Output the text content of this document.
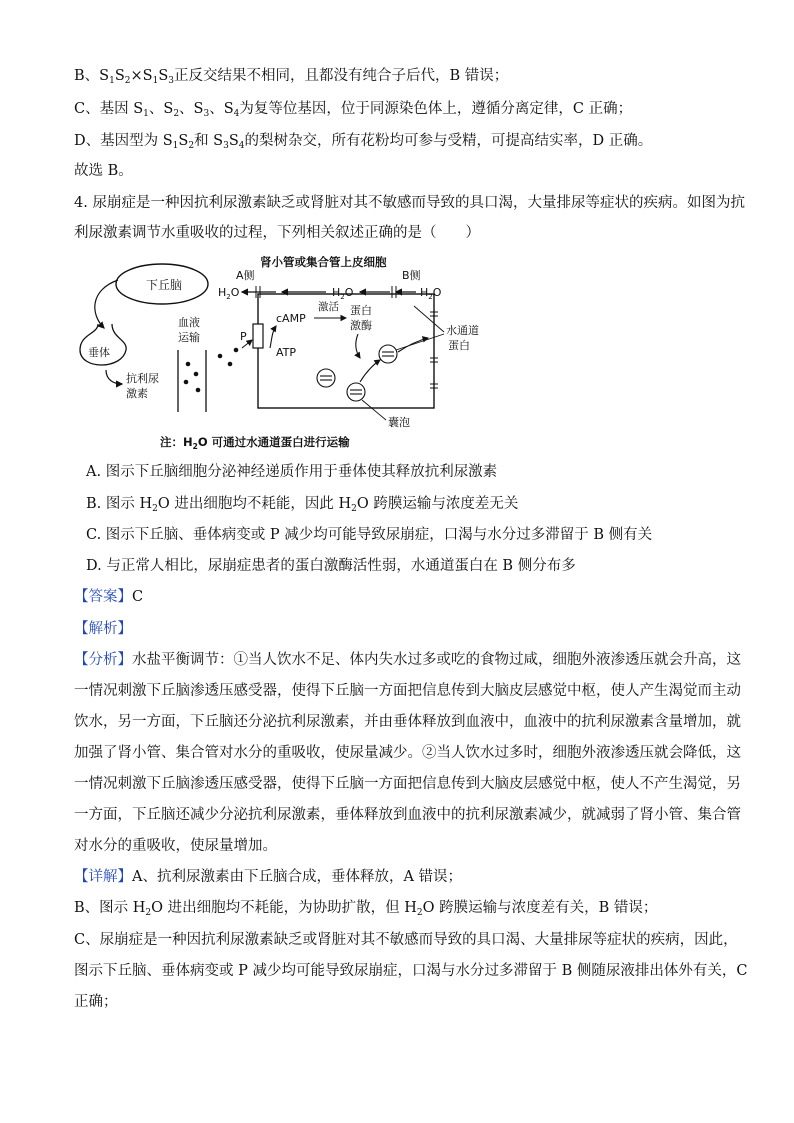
B、$S_1S_2\times S_1S_3$正反交结果不相同，且都没有纯合子后代，B 错误；
C、基因 $S_1$、$S_2$、$S_3$、$S_4$为复等位基因，位于同源染色体上，遵循分离定律，C 正确；
D、基因型为 $S_1S_2$和 $S_3S_4$的梨树杂交，所有花粉均可参与受精，可提高结实率，D 正确。
故选 B。
4. 尿崩症是一种因抗利尿激素缺乏或肾脏对其不敏感而导致的具口渴，大量排尿等症状的疾病。如图为抗
利尿激素调节水重吸收的过程，下列相关叙述正确的是（　　）
下丘脑
垂体
抗利尿
激素
血液
运输
肾小管或集合管上皮细胞
A侧	B侧
$H_2O$	$H_2O$	$H_2O$
P
cAMP
ATP
激活 蛋白
激酶	水通道
蛋白
囊泡
注：$H_2O$ 可通过水通道蛋白进行运输
A. 图示下丘脑细胞分泌神经递质作用于垂体使其释放抗利尿激素
B. 图示 $H_2O$ 进出细胞均不耗能，因此 $H_2O$ 跨膜运输与浓度差无关
C. 图示下丘脑、垂体病变或 P 减少均可能导致尿崩症，口渴与水分过多滞留于 B 侧有关
D. 与正常人相比，尿崩症患者的蛋白激酶活性弱，水通道蛋白在 B 侧分布多
【答案】C
【解析】
【分析】水盐平衡调节：①当人饮水不足、体内失水过多或吃的食物过咸，细胞外液渗透压就会升高，这
一情况刺激下丘脑渗透压感受器，使得下丘脑一方面把信息传到大脑皮层感觉中枢，使人产生渴觉而主动
饮水，另一方面，下丘脑还分泌抗利尿激素，并由垂体释放到血液中，血液中的抗利尿激素含量增加，就
加强了肾小管、集合管对水分的重吸收，使尿量减少。②当人饮水过多时，细胞外液渗透压就会降低，这
一情况刺激下丘脑渗透压感受器，使得下丘脑一方面把信息传到大脑皮层感觉中枢，使人不产生渴觉，另
一方面，下丘脑还减少分泌抗利尿激素，垂体释放到血液中的抗利尿激素减少，就减弱了肾小管、集合管
对水分的重吸收，使尿量增加。
【详解】A、抗利尿激素由下丘脑合成，垂体释放，A 错误；
B、图示 $H_2O$ 进出细胞均不耗能，为协助扩散，但 $H_2O$ 跨膜运输与浓度差有关，B 错误；
C、尿崩症是一种因抗利尿激素缺乏或肾脏对其不敏感而导致的具口渴、大量排尿等症状的疾病，因此，
图示下丘脑、垂体病变或 P 减少均可能导致尿崩症，口渴与水分过多滞留于 B 侧随尿液排出体外有关，C
正确；
